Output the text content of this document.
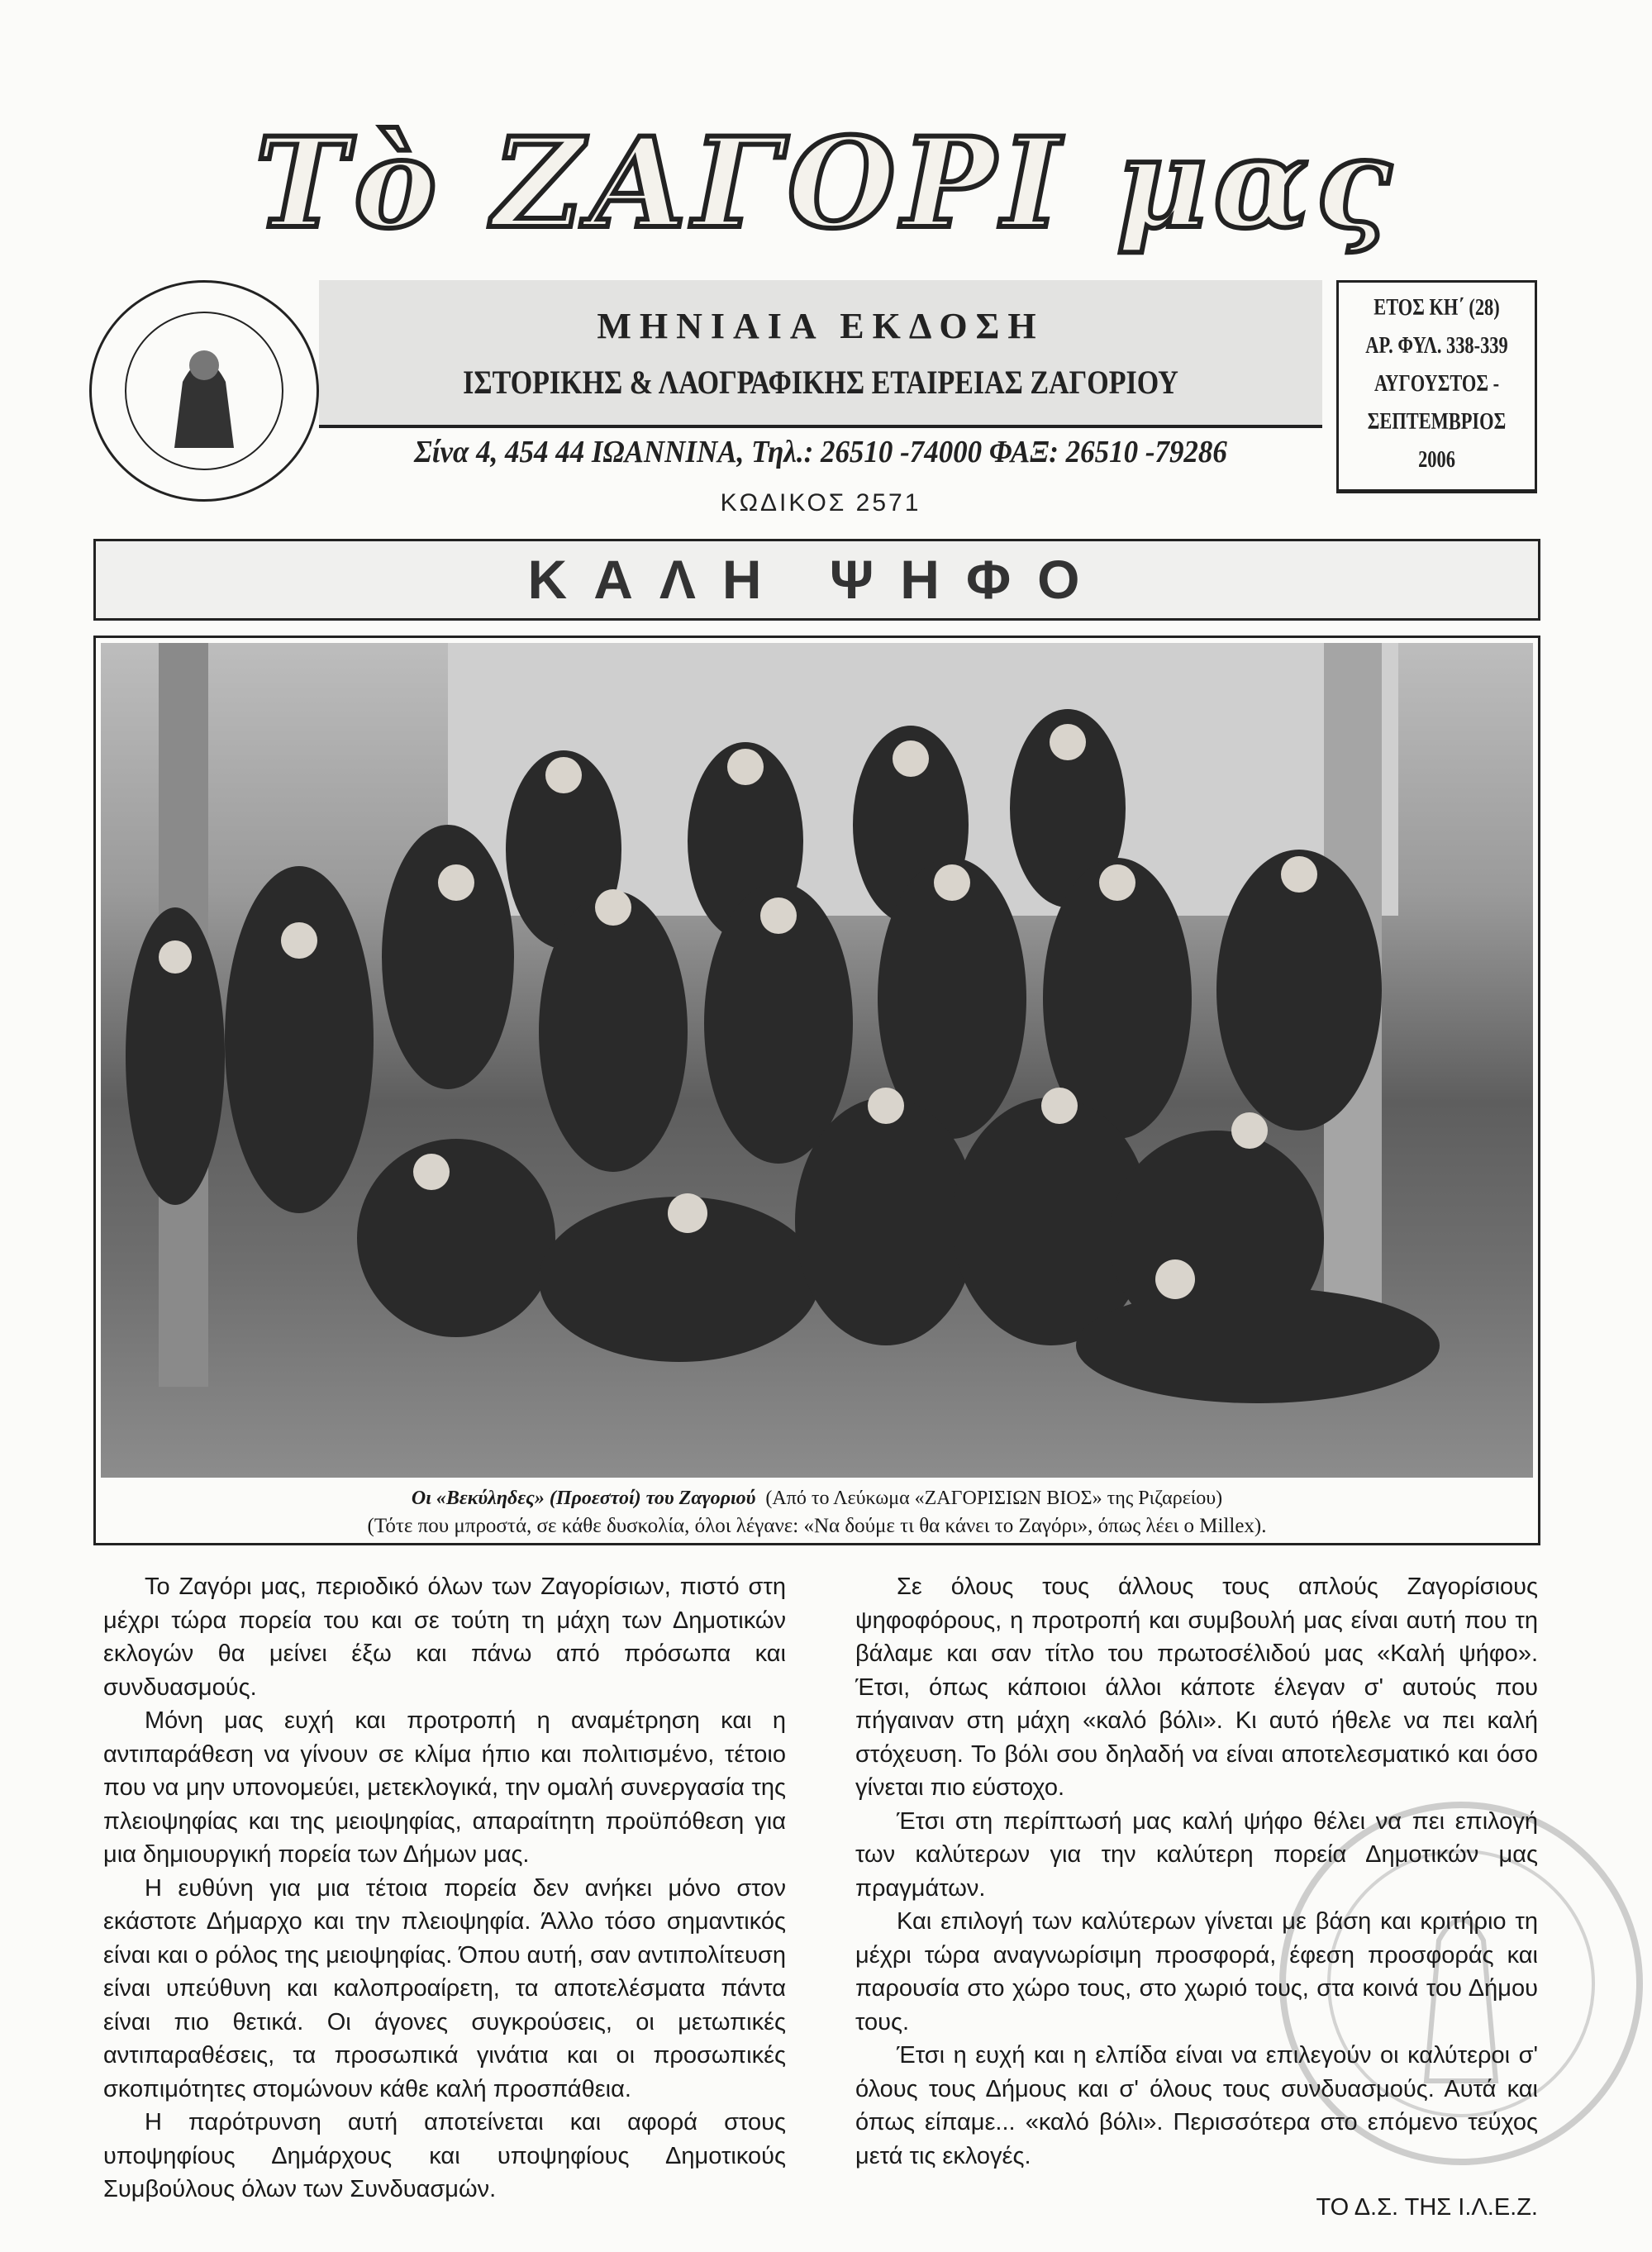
ΜΗΝΙΑΙΑ ΕΚΔΟΣΗ
ΙΣΤΟΡΙΚΗΣ & ΛΑΟΓΡΑΦΙΚΗΣ ΕΤΑΙΡΕΙΑΣ ΖΑΓΟΡΙΟΥ
Σίνα 4, 454 44 ΙΩΑΝΝΙΝΑ, Τηλ.: 26510 -74000 ΦΑΞ: 26510 -79286
ΚΩΔΙΚΟΣ 2571
ΕΤΟΣ ΚΗ΄ (28)
ΑΡ. ΦΥΛ. 338-339
ΑΥΓΟΥΣΤΟΣ -
ΣΕΠΤΕΜΒΡΙΟΣ
2006
ΚΑΛΗ ΨΗΦΟ
Οι «Βεκύληδες» (Προεστοί) του Ζαγοριού (Από το Λεύκωμα «ΖΑΓΟΡΙΣΙΩΝ ΒΙΟΣ» της Ριζαρείου)
(Τότε που μπροστά, σε κάθε δυσκολία, όλοι λέγανε: «Να δούμε τι θα κάνει το Ζαγόρι», όπως λέει ο Millex).

Το Ζαγόρι μας, περιοδικό όλων των Ζαγορίσιων, πιστό στη μέχρι τώρα πορεία του και σε τούτη τη μάχη των Δημοτικών εκλογών θα μείνει έξω και πάνω από πρόσωπα και συνδυασμούς.

Μόνη μας ευχή και προτροπή η αναμέτρηση και η αντιπαράθεση να γίνουν σε κλίμα ήπιο και πολιτισμένο, τέτοιο που να μην υπονομεύει, μετεκλογικά, την ομαλή συνεργασία της πλειοψηφίας και της μειοψηφίας, απαραίτητη προϋπόθεση για μια δημιουργική πορεία των Δήμων μας.

Η ευθύνη για μια τέτοια πορεία δεν ανήκει μόνο στον εκάστοτε Δήμαρχο και την πλειοψηφία. Άλλο τόσο σημαντικός είναι και ο ρόλος της μειοψηφίας. Όπου αυτή, σαν αντιπολίτευση είναι υπεύθυνη και καλοπροαίρετη, τα αποτελέσματα πάντα είναι πιο θετικά. Οι άγονες συγκρούσεις, οι μετωπικές αντιπαραθέσεις, τα προσωπικά γινάτια και οι προσωπικές σκοπιμότητες στομώνουν κάθε καλή προσπάθεια.

Η παρότρυνση αυτή αποτείνεται και αφορά στους υποψηφίους Δημάρχους και υποψηφίους Δημοτικούς Συμβούλους όλων των Συνδυασμών.

Σε όλους τους άλλους τους απλούς Ζαγορίσιους ψηφοφόρους, η προτροπή και συμβουλή μας είναι αυτή που τη βάλαμε και σαν τίτλο του πρωτοσέλιδού μας «Καλή ψήφο». Έτσι, όπως κάποιοι άλλοι κάποτε έλεγαν σ' αυτούς που πήγαιναν στη μάχη «καλό βόλι». Κι αυτό ήθελε να πει καλή στόχευση. Το βόλι σου δηλαδή να είναι αποτελεσματικό και όσο γίνεται πιο εύστοχο.

Έτσι στη περίπτωσή μας καλή ψήφο θέλει να πει επιλογή των καλύτερων για την καλύτερη πορεία Δημοτικών μας πραγμάτων.

Και επιλογή των καλύτερων γίνεται με βάση και κριτήριο τη μέχρι τώρα αναγνωρίσιμη προσφορά, έφεση προσφοράς και παρουσία στο χώρο τους, στο χωριό τους, στα κοινά του Δήμου τους.

Έτσι η ευχή και η ελπίδα είναι να επιλεγούν οι καλύτεροι σ' όλους τους Δήμους και σ' όλους τους συνδυασμούς. Αυτά και όπως είπαμε... «καλό βόλι». Περισσότερα στο επόμενο τεύχος μετά τις εκλογές.

ΤΟ Δ.Σ. ΤΗΣ Ι.Λ.Ε.Ζ.
Τὸ ΖΑΓΟΡΙ μας
